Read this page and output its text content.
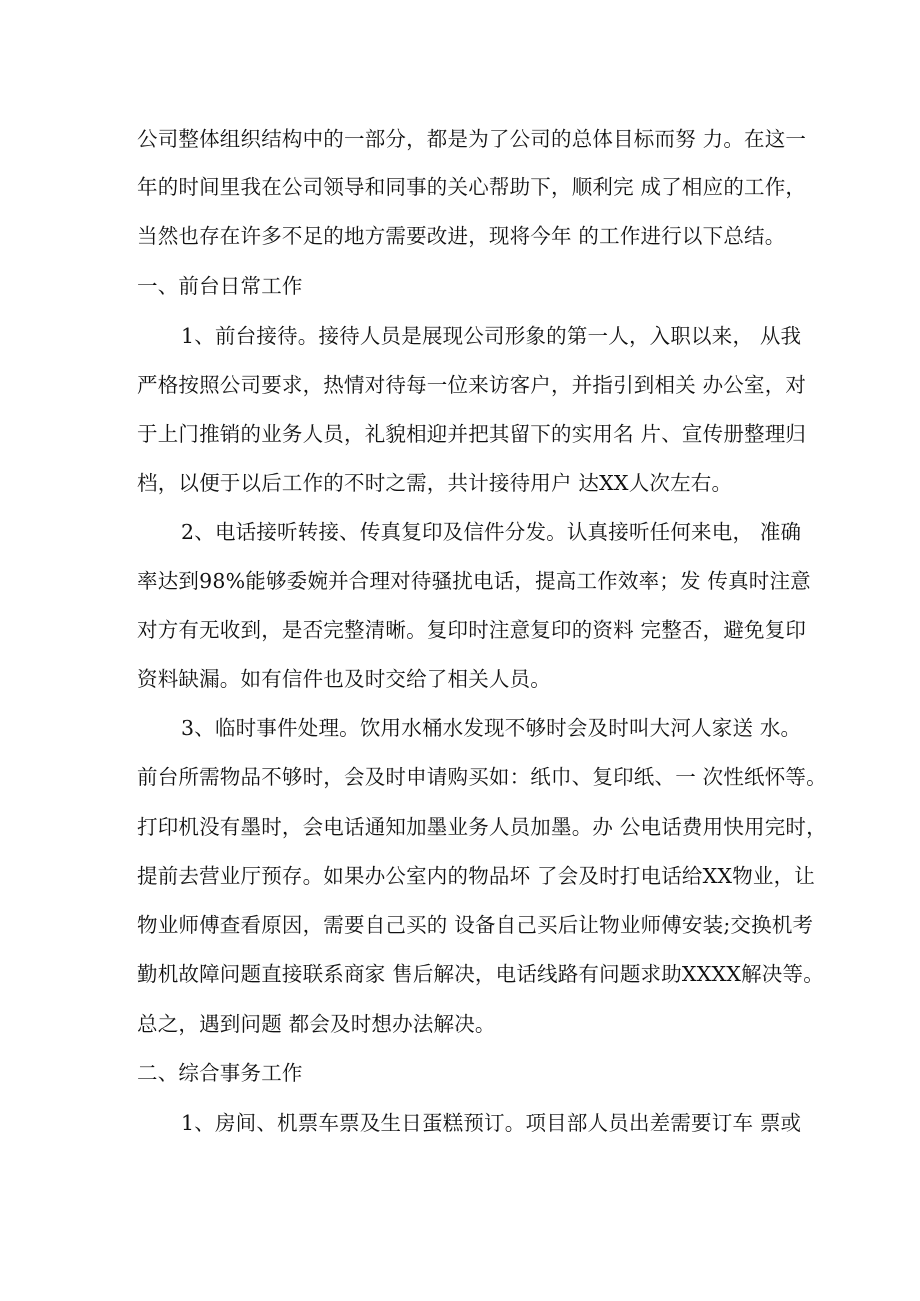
公司整体组织结构中的一部分，都是为了公司的总体目标而努 力。在这一
年的时间里我在公司领导和同事的关心帮助下，顺利完 成了相应的工作，
当然也存在许多不足的地方需要改进，现将今年 的工作进行以下总结。
一、前台日常工作
1、前台接待。接待人员是展现公司形象的第一人，入职以来， 从我
严格按照公司要求，热情对待每一位来访客户，并指引到相关 办公室，对
于上门推销的业务人员，礼貌相迎并把其留下的实用名 片、宣传册整理归
档，以便于以后工作的不时之需，共计接待用户 达XX人次左右。
2、电话接听转接、传真复印及信件分发。认真接听任何来电， 准确
率达到98%能够委婉并合理对待骚扰电话，提高工作效率；发 传真时注意
对方有无收到，是否完整清晰。复印时注意复印的资料 完整否，避免复印
资料缺漏。如有信件也及时交给了相关人员。
3、临时事件处理。饮用水桶水发现不够时会及时叫大河人家送 水。
前台所需物品不够时，会及时申请购买如：纸巾、复印纸、一 次性纸怀等。
打印机没有墨时，会电话通知加墨业务人员加墨。办 公电话费用快用完时，
提前去营业厅预存。如果办公室内的物品坏 了会及时打电话给XX物业，让
物业师傅查看原因，需要自己买的 设备自己买后让物业师傅安装;交换机考
勤机故障问题直接联系商家 售后解决，电话线路有问题求助XXXX解决等。
总之，遇到问题 都会及时想办法解决。
二、综合事务工作
1、房间、机票车票及生日蛋糕预订。项目部人员出差需要订车 票或
